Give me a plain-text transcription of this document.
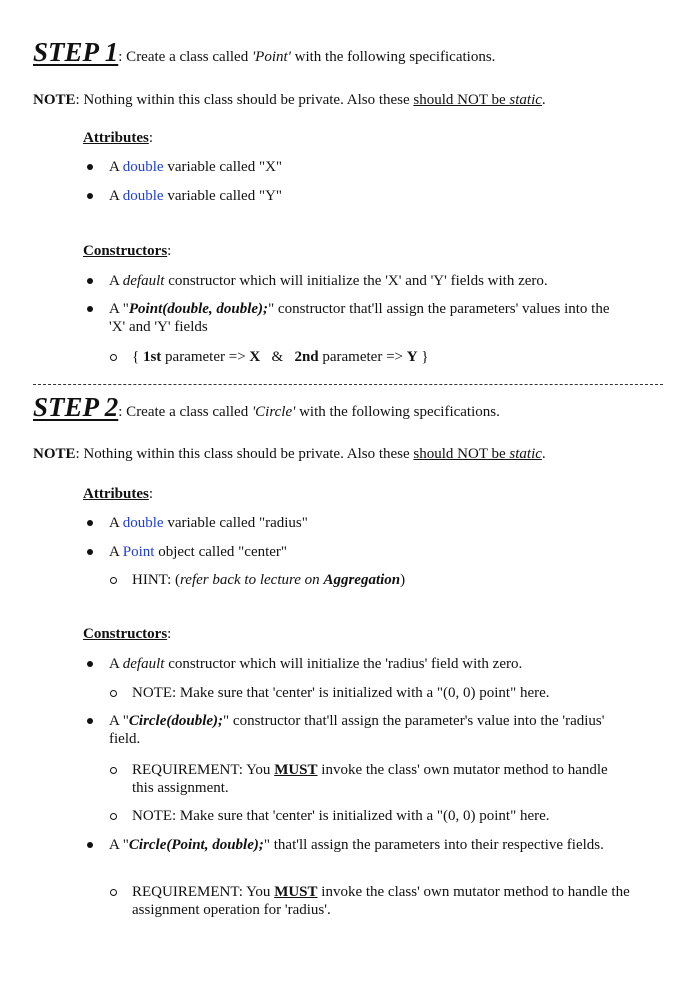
STEP 1: Create a class called 'Point' with the following specifications.
NOTE: Nothing within this class should be private. Also these should NOT be static.
Attributes:
A double variable called "X"
A double variable called "Y"
Constructors:
A default constructor which will initialize the 'X' and 'Y' fields with zero.
A "Point(double, double);" constructor that'll assign the parameters' values into the 'X' and 'Y' fields
{ 1st parameter => X   &   2nd parameter => Y }
STEP 2: Create a class called 'Circle' with the following specifications.
NOTE: Nothing within this class should be private. Also these should NOT be static.
Attributes:
A double variable called "radius"
A Point object called "center"
HINT: (refer back to lecture on Aggregation)
Constructors:
A default constructor which will initialize the 'radius' field with zero.
NOTE: Make sure that 'center' is initialized with a "(0, 0) point" here.
A "Circle(double);" constructor that'll assign the parameter's value into the 'radius' field.
REQUIREMENT: You MUST invoke the class' own mutator method to handle this assignment.
NOTE: Make sure that 'center' is initialized with a "(0, 0) point" here.
A "Circle(Point, double);" that'll assign the parameters into their respective fields.
REQUIREMENT: You MUST invoke the class' own mutator method to handle the assignment operation for 'radius'.
